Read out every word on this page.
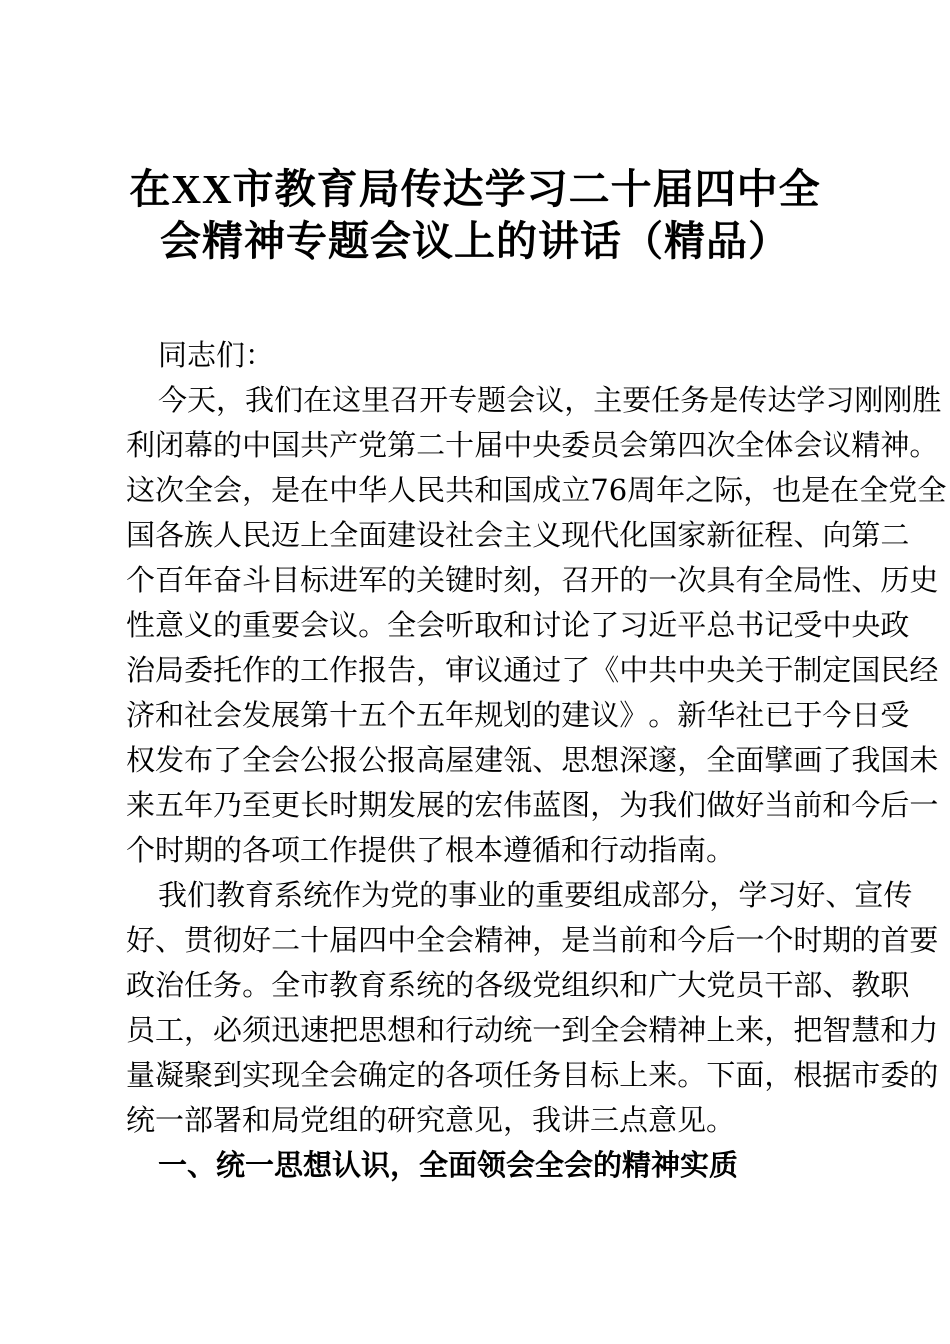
在XX市教育局传达学习二十届四中全
会精神专题会议上的讲话（精品）
同志们：
今 天 ， 我 们 在 这 里 召 开 专 题 会 议 ， 主 要 任 务 是 传 达 学 习 刚 刚 胜
利 闭 幕 的 中 国 共 产 党 第 二 十 届 中 央 委 员 会 第 四 次 全 体 会 议 精 神 。
这 次 全 会 ， 是 在 中 华 人 民 共 和 国 成 立 76 周 年 之 际 ， 也 是 在 全 党 全
国 各 族 人 民 迈 上 全 面 建 设 社 会 主 义 现 代 化 国 家 新 征 程 、 向 第 二
个 百 年 奋 斗 目 标 进 军 的 关 键 时 刻 ， 召 开 的 一 次 具 有 全 局 性 、 历 史
性 意 义 的 重 要 会 议 。 全 会 听 取 和 讨 论 了 习 近 平 总 书 记 受 中 央 政
治 局 委 托 作 的 工 作 报 告 ， 审 议 通 过 了 《 中 共 中 央 关 于 制 定 国 民 经
济 和 社 会 发 展 第 十 五 个 五 年 规 划 的 建 议 》 。 新 华 社 已 于 今 日 受
权 发 布 了 全 会 公 报 公 报 高 屋 建 瓴 、 思 想 深 邃 ， 全 面 擘 画 了 我 国 未
来 五 年 乃 至 更 长 时 期 发 展 的 宏 伟 蓝 图 ， 为 我 们 做 好 当 前 和 今 后 一
个时期的各项工作提供了根本遵循和行动指南。
我 们 教 育 系 统 作 为 党 的 事 业 的 重 要 组 成 部 分 ， 学 习 好 、 宣 传
好 、 贯 彻 好 二 十 届 四 中 全 会 精 神 ， 是 当 前 和 今 后 一 个 时 期 的 首 要
政 治 任 务 。 全 市 教 育 系 统 的 各 级 党 组 织 和 广 大 党 员 干 部 、 教 职
员 工 ， 必 须 迅 速 把 思 想 和 行 动 统 一 到 全 会 精 神 上 来 ， 把 智 慧 和 力
量 凝 聚 到 实 现 全 会 确 定 的 各 项 任 务 目 标 上 来 。 下 面 ， 根 据 市 委 的
统一部署和局党组的研究意见，我讲三点意见。
一、统一思想认识，全面领会全会的精神实质
